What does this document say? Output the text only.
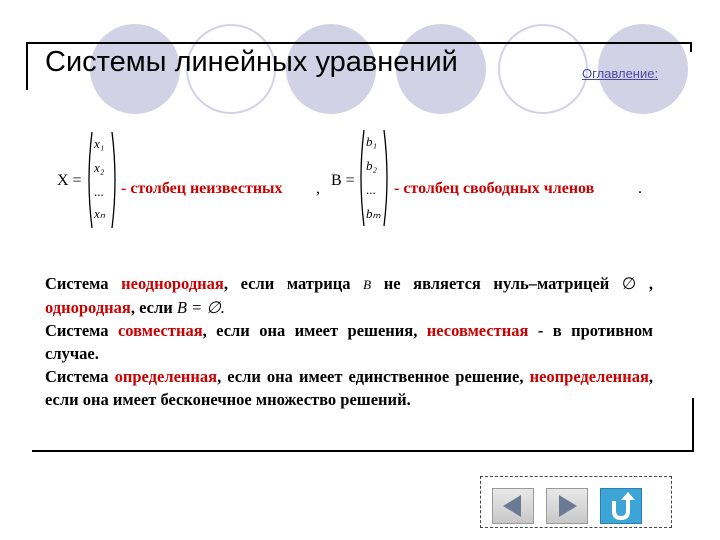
Системы линейных уравнений	Оглавление:
X =
x₁
x₂
...
xₙ
- столбец неизвестных , B =
b₁
b₂
...
bₘ
- столбец свободных членов	.

Система неоднородная, если матрица B не является нуль–матрицей ∅ , однородная, если B = ∅.

Система совместная, если она имеет решения, несовместная - в противном случае.

Система определенная, если она имеет единственное решение, неопределенная, если она имеет бесконечное множество решений.
